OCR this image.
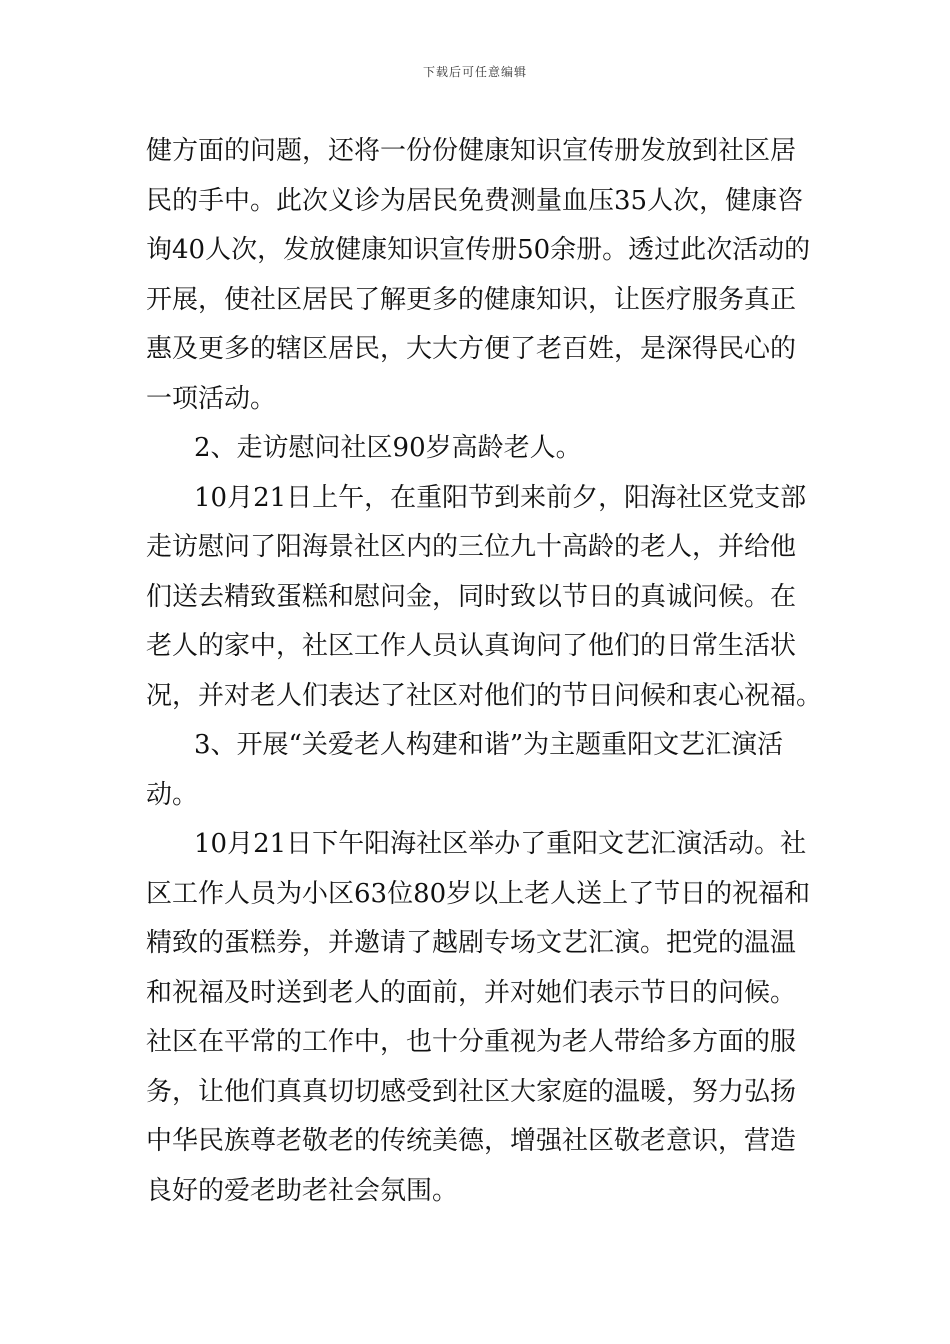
下载后可任意编辑
健方面的问题，还将一份份健康知识宣传册发放到社区居
民的手中。此次义诊为居民免费测量血压35人次，健康咨
询40人次，发放健康知识宣传册50余册。透过此次活动的
开展，使社区居民了解更多的健康知识，让医疗服务真正
惠及更多的辖区居民，大大方便了老百姓，是深得民心的
一项活动。
2、走访慰问社区90岁高龄老人。
10月21日上午，在重阳节到来前夕，阳海社区党支部
走访慰问了阳海景社区内的三位九十高龄的老人，并给他
们送去精致蛋糕和慰问金，同时致以节日的真诚问候。在
老人的家中，社区工作人员认真询问了他们的日常生活状
况，并对老人们表达了社区对他们的节日问候和衷心祝福。
3、开展“关爱老人构建和谐”为主题重阳文艺汇演活
动。
10月21日下午阳海社区举办了重阳文艺汇演活动。社
区工作人员为小区63位80岁以上老人送上了节日的祝福和
精致的蛋糕券，并邀请了越剧专场文艺汇演。把党的温温
和祝福及时送到老人的面前，并对她们表示节日的问候。
社区在平常的工作中，也十分重视为老人带给多方面的服
务，让他们真真切切感受到社区大家庭的温暖，努力弘扬
中华民族尊老敬老的传统美德，增强社区敬老意识，营造
良好的爱老助老社会氛围。
